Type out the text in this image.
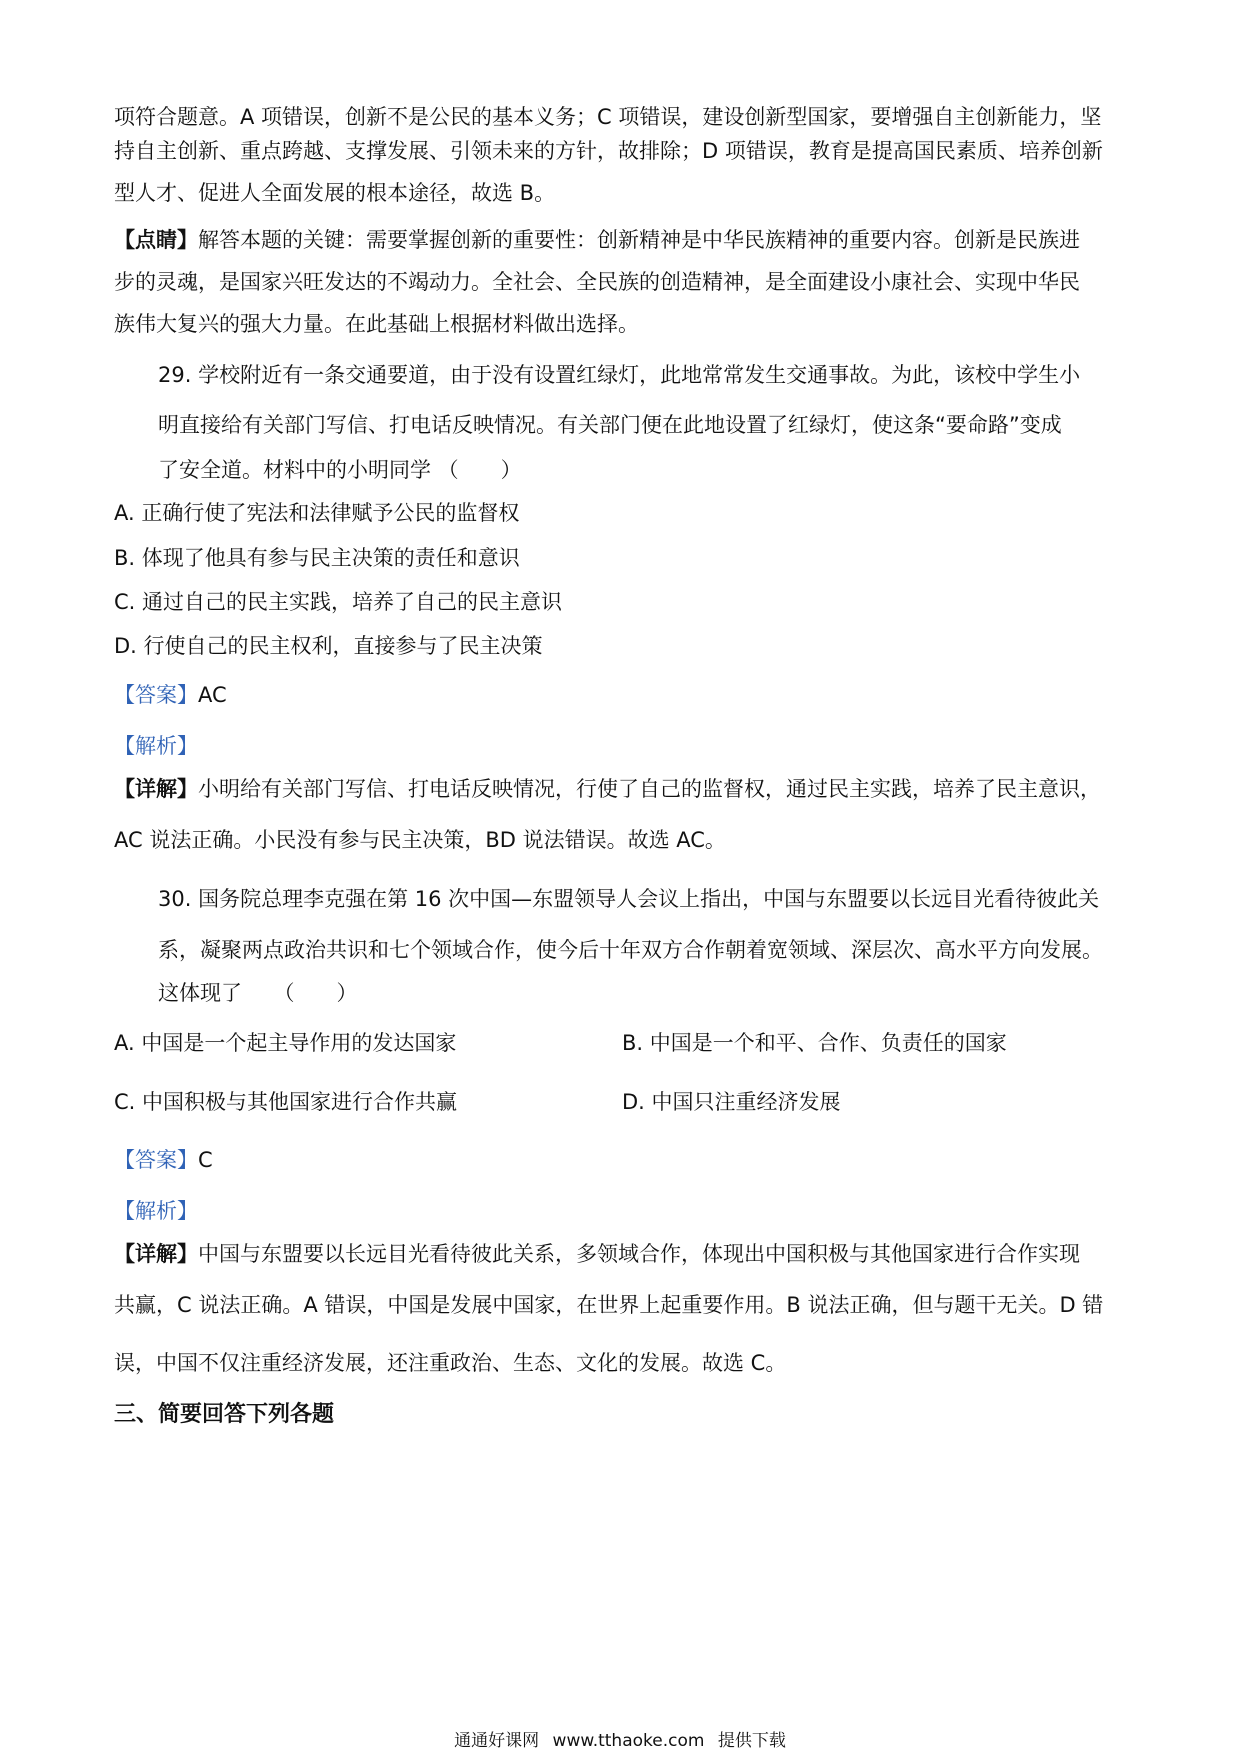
项符合题意。A 项错误，创新不是公民的基本义务；C 项错误，建设创新型国家，要增强自主创新能力，坚
持自主创新、重点跨越、支撑发展、引领未来的方针，故排除；D 项错误，教育是提高国民素质、培养创新
型人才、促进人全面发展的根本途径，故选 B。
【点睛】解答本题的关键：需要掌握创新的重要性：创新精神是中华民族精神的重要内容。创新是民族进
步的灵魂，是国家兴旺发达的不竭动力。全社会、全民族的创造精神，是全面建设小康社会、实现中华民
族伟大复兴的强大力量。在此基础上根据材料做出选择。
29. 学校附近有一条交通要道，由于没有设置红绿灯，此地常常发生交通事故。为此，该校中学生小
明直接给有关部门写信、打电话反映情况。有关部门便在此地设置了红绿灯，使这条“要命路”变成
了安全道。材料中的小明同学 （　　）
A. 正确行使了宪法和法律赋予公民的监督权
B. 体现了他具有参与民主决策的责任和意识
C. 通过自己的民主实践，培养了自己的民主意识
D. 行使自己的民主权利，直接参与了民主决策
【答案】AC
【解析】
【详解】小明给有关部门写信、打电话反映情况，行使了自己的监督权，通过民主实践，培养了民主意识，
AC 说法正确。小民没有参与民主决策，BD 说法错误。故选 AC。
30. 国务院总理李克强在第 16 次中国—东盟领导人会议上指出，中国与东盟要以长远目光看待彼此关
系，凝聚两点政治共识和七个领域合作，使今后十年双方合作朝着宽领域、深层次、高水平方向发展。
这体现了　　（　　）
A. 中国是一个起主导作用的发达国家	B. 中国是一个和平、合作、负责任的国家
C. 中国积极与其他国家进行合作共赢	D. 中国只注重经济发展
【答案】C
【解析】
【详解】中国与东盟要以长远目光看待彼此关系，多领域合作，体现出中国积极与其他国家进行合作实现
共赢，C 说法正确。A 错误，中国是发展中国家，在世界上起重要作用。B 说法正确，但与题干无关。D 错
误，中国不仅注重经济发展，还注重政治、生态、文化的发展。故选 C。
三、简要回答下列各题
通通好课网 www.tthaoke.com 提供下载
